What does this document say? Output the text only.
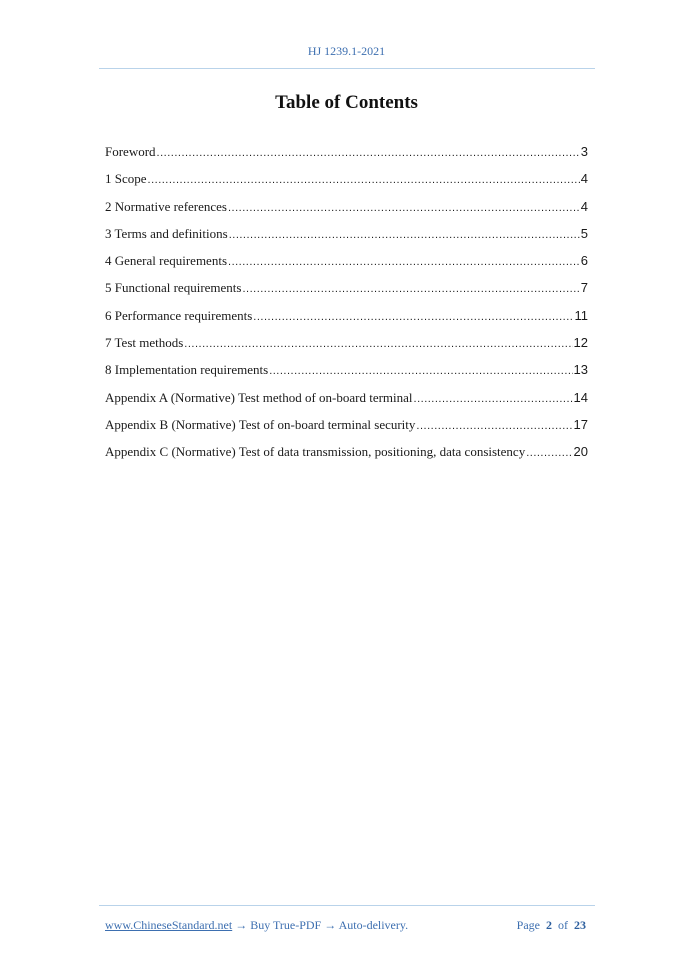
HJ 1239.1-2021
Table of Contents
Foreword .....	3
1 Scope .....	4
2 Normative references .....	4
3 Terms and definitions .....	5
4 General requirements .....	6
5 Functional requirements .....	7
6 Performance requirements .....	11
7 Test methods .....	12
8 Implementation requirements .....	13
Appendix A (Normative) Test method of on-board terminal .....	14
Appendix B (Normative) Test of on-board terminal security .....	17
Appendix C (Normative) Test of data transmission, positioning, data consistency .....	20
www.ChineseStandard.net → Buy True-PDF → Auto-delivery.	Page 2 of 23
